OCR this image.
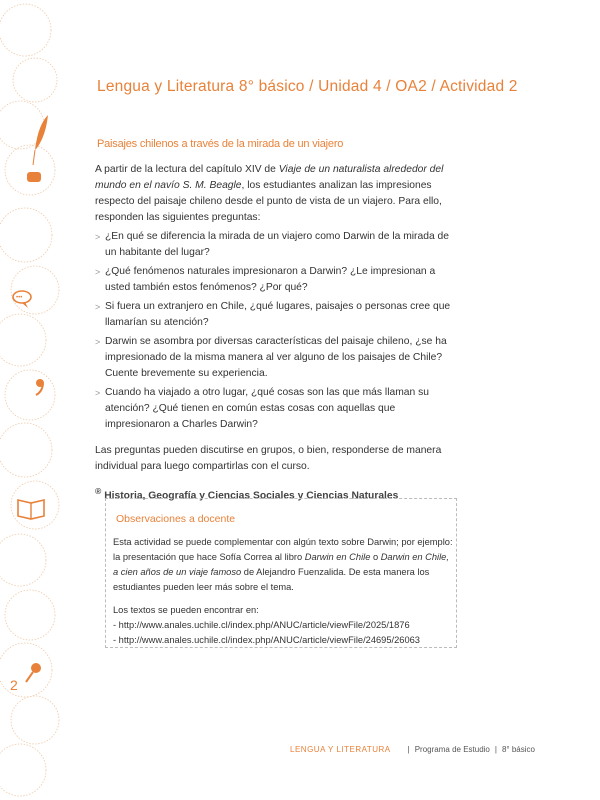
•••
2
Lengua y Literatura 8° básico / Unidad 4 / OA2 / Actividad 2
Paisajes chilenos a través de la mirada de un viajero

A partir de la lectura del capítulo XIV de Viaje de un naturalista alrededor del mundo en el navío S. M. Beagle, los estudiantes analizan las impresiones respecto del paisaje chileno desde el punto de vista de un viajero. Para ello, responden las siguientes preguntas:

> ¿En qué se diferencia la mirada de un viajero como Darwin de la mirada de un habitante del lugar?
> ¿Qué fenómenos naturales impresionaron a Darwin? ¿Le impresionan a usted también estos fenómenos? ¿Por qué?
> Si fuera un extranjero en Chile, ¿qué lugares, paisajes o personas cree que llamarían su atención?
> Darwin se asombra por diversas características del paisaje chileno, ¿se ha impresionado de la misma manera al ver alguno de los paisajes de Chile? Cuente brevemente su experiencia.
> Cuando ha viajado a otro lugar, ¿qué cosas son las que más llaman su atención? ¿Qué tienen en común estas cosas con aquellas que impresionaron a Charles Darwin?

Las preguntas pueden discutirse en grupos, o bien, responderse de manera individual para luego compartirlas con el curso.

® Historia, Geografía y Ciencias Sociales y Ciencias Naturales

Observaciones a docente

Esta actividad se puede complementar con algún texto sobre Darwin; por ejemplo: la presentación que hace Sofía Correa al libro Darwin en Chile o Darwin en Chile, a cien años de un viaje famoso de Alejandro Fuenzalida. De esta manera los estudiantes pueden leer más sobre el tema.

Los textos se pueden encontrar en:

- http://www.anales.uchile.cl/index.php/ANUC/article/viewFile/2025/1876

- http://www.anales.uchile.cl/index.php/ANUC/article/viewFile/24695/26063

LENGUA Y LITERATURA | Programa de Estudio | 8° básico
